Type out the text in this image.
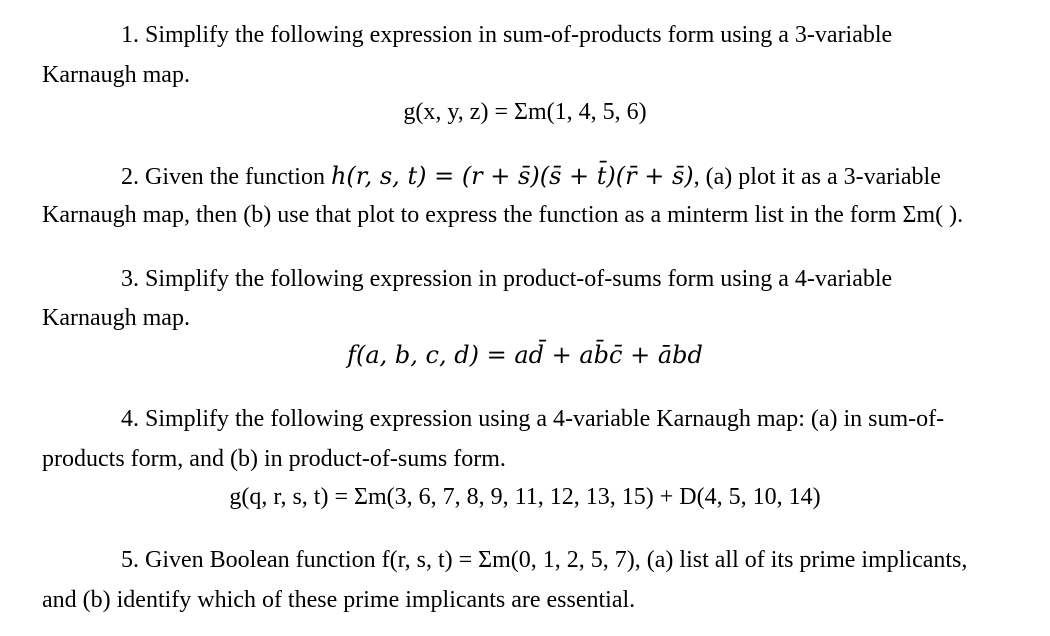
1. Simplify the following expression in sum-of-products form using a 3-variable
Karnaugh map.
g(x, y, z) = Σm(1, 4, 5, 6)
2. Given the function h(r, s, t) = (r + s̄)(s̄ + t̄)(r̄ + s̄), (a) plot it as a 3-variable
Karnaugh map, then (b) use that plot to express the function as a minterm list in the form Σm( ).
3. Simplify the following expression in product-of-sums form using a 4-variable
Karnaugh map.
f(a, b, c, d) = ad̄ + ab̄c̄ + ābd
4. Simplify the following expression using a 4-variable Karnaugh map: (a) in sum-of-
products form, and (b) in product-of-sums form.
g(q, r, s, t) = Σm(3, 6, 7, 8, 9, 11, 12, 13, 15) + D(4, 5, 10, 14)
5. Given Boolean function f(r, s, t) = Σm(0, 1, 2, 5, 7), (a) list all of its prime implicants,
and (b) identify which of these prime implicants are essential.
